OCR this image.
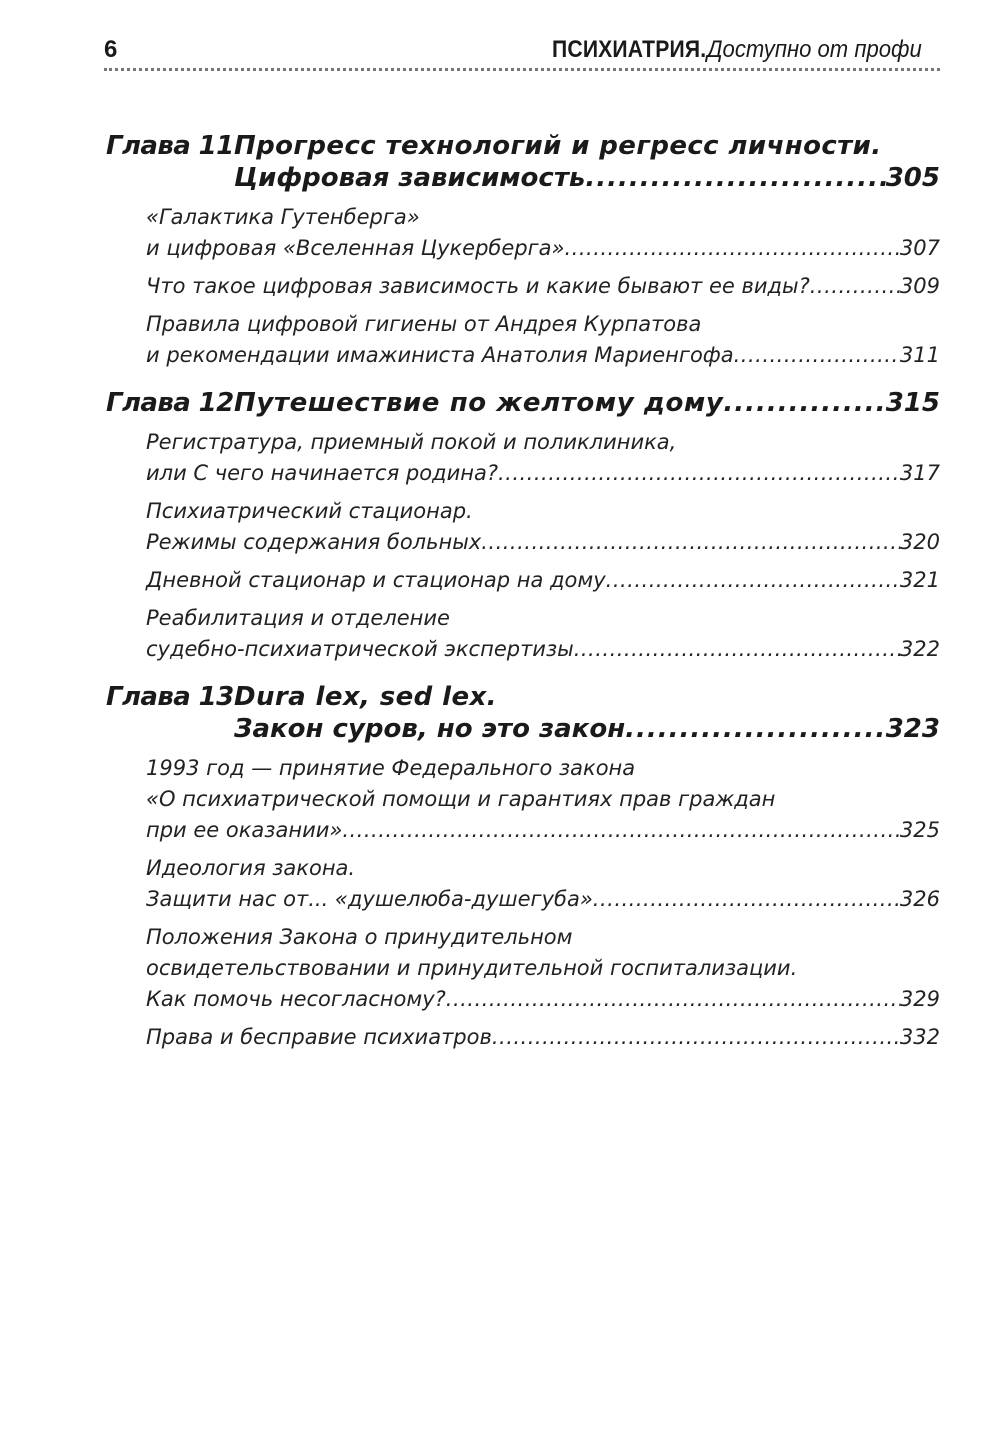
6	ПСИХИАТРИЯ.Доступно от профи
Глава 11.
Прогресс технологий и регресс личности.
Цифровая зависимость .....	305
«Галактика Гутенберга»
и цифровая «Вселенная Цукерберга» .....	307
Что такое цифровая зависимость и какие бывают ее виды? .....	309
Правила цифровой гигиены от Андрея Курпатова
и рекомендации имажиниста Анатолия Мариенгофа .....	311
Глава 12.
Путешествие по желтому дому .....	315
Регистратура, приемный покой и поликлиника,
или С чего начинается родина? .....	317
Психиатрический стационар.
Режимы содержания больных .....	320
Дневной стационар и стационар на дому .....	321
Реабилитация и отделение
судебно-психиатрической экспертизы .....	322
Глава 13.
Dura lex, sed lex.
Закон суров, но это закон .....	323
1993 год — принятие Федерального закона
«О психиатрической помощи и гарантиях прав граждан
при ее оказании» .....	325
Идеология закона.
Защити нас от... «душелюба-душегуба» .....	326
Положения Закона о принудительном
освидетельствовании и принудительной госпитализации.
Как помочь несогласному? .....	329
Права и бесправие психиатров .....	332
